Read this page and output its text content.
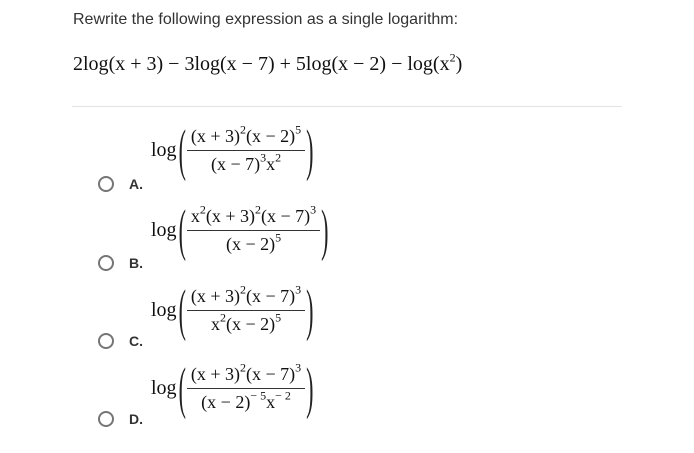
Rewrite the following expression as a single logarithm:
$2\log(x + 3) - 3\log(x - 7) + 5\log(x - 2) - \log(x^2)$
A.
log ( $\frac{(x + 3)^2(x - 2)^5}{(x - 7)^3x^2}$ )
B.
log ( $\frac{x^2(x + 3)^2(x - 7)^3}{(x - 2)^5}$ )
C.
log ( $\frac{(x + 3)^2(x - 7)^3}{x^2(x - 2)^5}$ )
D.
log ( $\frac{(x + 3)^2(x - 7)^3}{(x - 2)^{- 5}x^{- 2}}$ )
